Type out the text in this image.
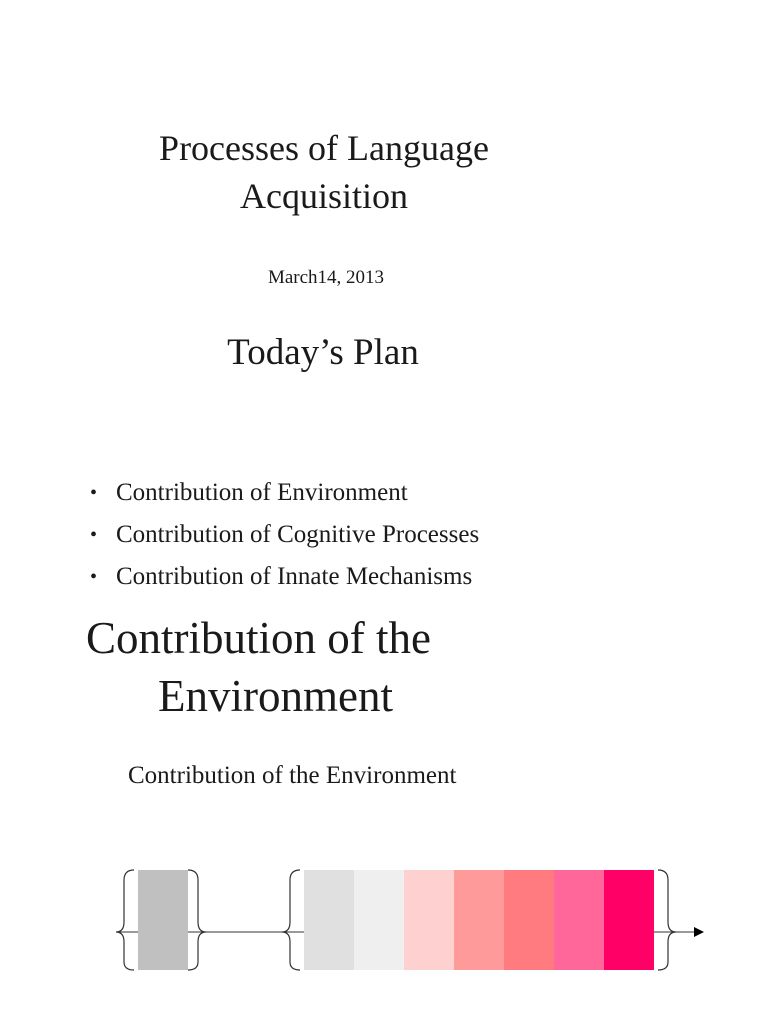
Processes of Language
Acquisition
March14, 2013
Today’s Plan
• Contribution of Environment
• Contribution of Cognitive Processes
• Contribution of Innate Mechanisms
Contribution of the
Environment
Contribution of the Environment
